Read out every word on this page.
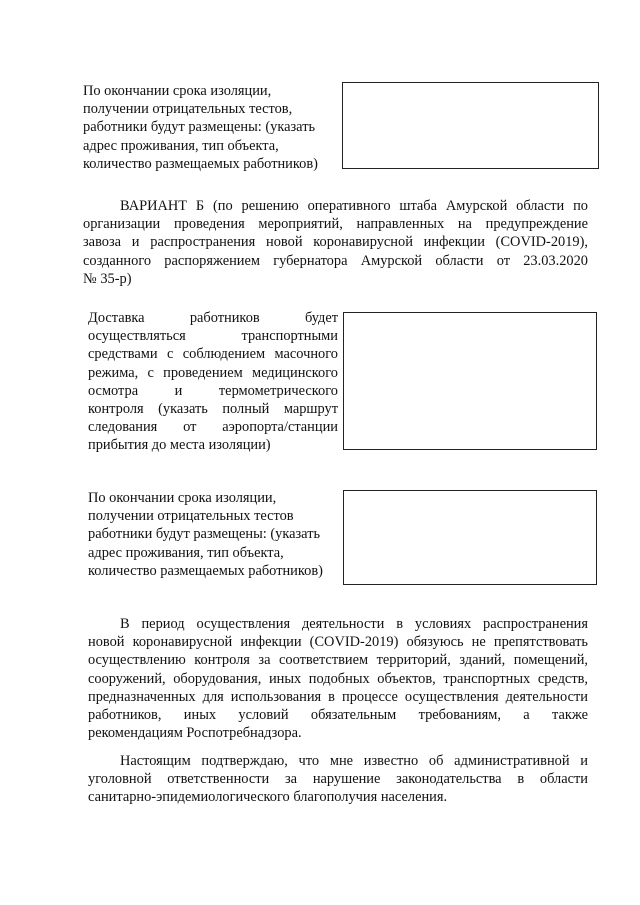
По окончании срока изоляции,
получении отрицательных тестов,
работники будут размещены: (указать
адрес проживания, тип объекта,
количество размещаемых работников)
ВАРИАНТ Б (по решению оперативного штаба Амурской области по
организации проведения мероприятий, направленных на предупреждение
завоза и распространения новой коронавирусной инфекции (COVID-2019),
созданного распоряжением губернатора Амурской области от 23.03.2020
№ 35-р)
Доставка работников будет
осуществляться транспортными
средствами с соблюдением масочного
режима, с проведением медицинского
осмотра и термометрического
контроля (указать полный маршрут
следования от аэропорта/станции
прибытия до места изоляции)
По окончании срока изоляции,
получении отрицательных тестов
работники будут размещены: (указать
адрес проживания, тип объекта,
количество размещаемых работников)
В период осуществления деятельности в условиях распространения
новой коронавирусной инфекции (COVID-2019) обязуюсь не препятствовать
осуществлению контроля за соответствием территорий, зданий, помещений,
сооружений, оборудования, иных подобных объектов, транспортных средств,
предназначенных для использования в процессе осуществления деятельности
работников, иных условий обязательным требованиям, а также
рекомендациям Роспотребнадзора.
Настоящим подтверждаю, что мне известно об административной и
уголовной ответственности за нарушение законодательства в области
санитарно-эпидемиологического благополучия населения.
